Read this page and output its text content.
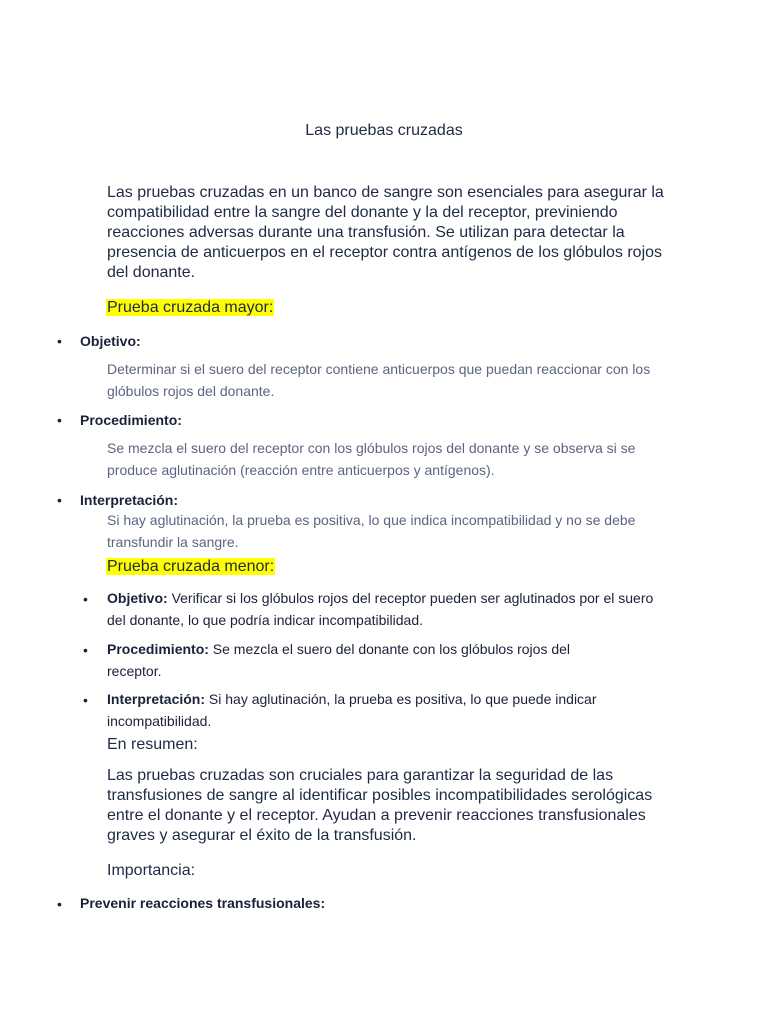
Las pruebas cruzadas
Las pruebas cruzadas en un banco de sangre son esenciales para asegurar la compatibilidad entre la sangre del donante y la del receptor, previniendo reacciones adversas durante una transfusión. Se utilizan para detectar la presencia de anticuerpos en el receptor contra antígenos de los glóbulos rojos del donante.
Prueba cruzada mayor:
• Objetivo:
Determinar si el suero del receptor contiene anticuerpos que puedan reaccionar con los glóbulos rojos del donante.
• Procedimiento:
Se mezcla el suero del receptor con los glóbulos rojos del donante y se observa si se produce aglutinación (reacción entre anticuerpos y antígenos).
• Interpretación:
Si hay aglutinación, la prueba es positiva, lo que indica incompatibilidad y no se debe transfundir la sangre.
Prueba cruzada menor:
• Objetivo: Verificar si los glóbulos rojos del receptor pueden ser aglutinados por el suero del donante, lo que podría indicar incompatibilidad.
• Procedimiento: Se mezcla el suero del donante con los glóbulos rojos del receptor.
• Interpretación: Si hay aglutinación, la prueba es positiva, lo que puede indicar incompatibilidad.
En resumen:
Las pruebas cruzadas son cruciales para garantizar la seguridad de las transfusiones de sangre al identificar posibles incompatibilidades serológicas entre el donante y el receptor. Ayudan a prevenir reacciones transfusionales graves y asegurar el éxito de la transfusión.
Importancia:
• Prevenir reacciones transfusionales:
